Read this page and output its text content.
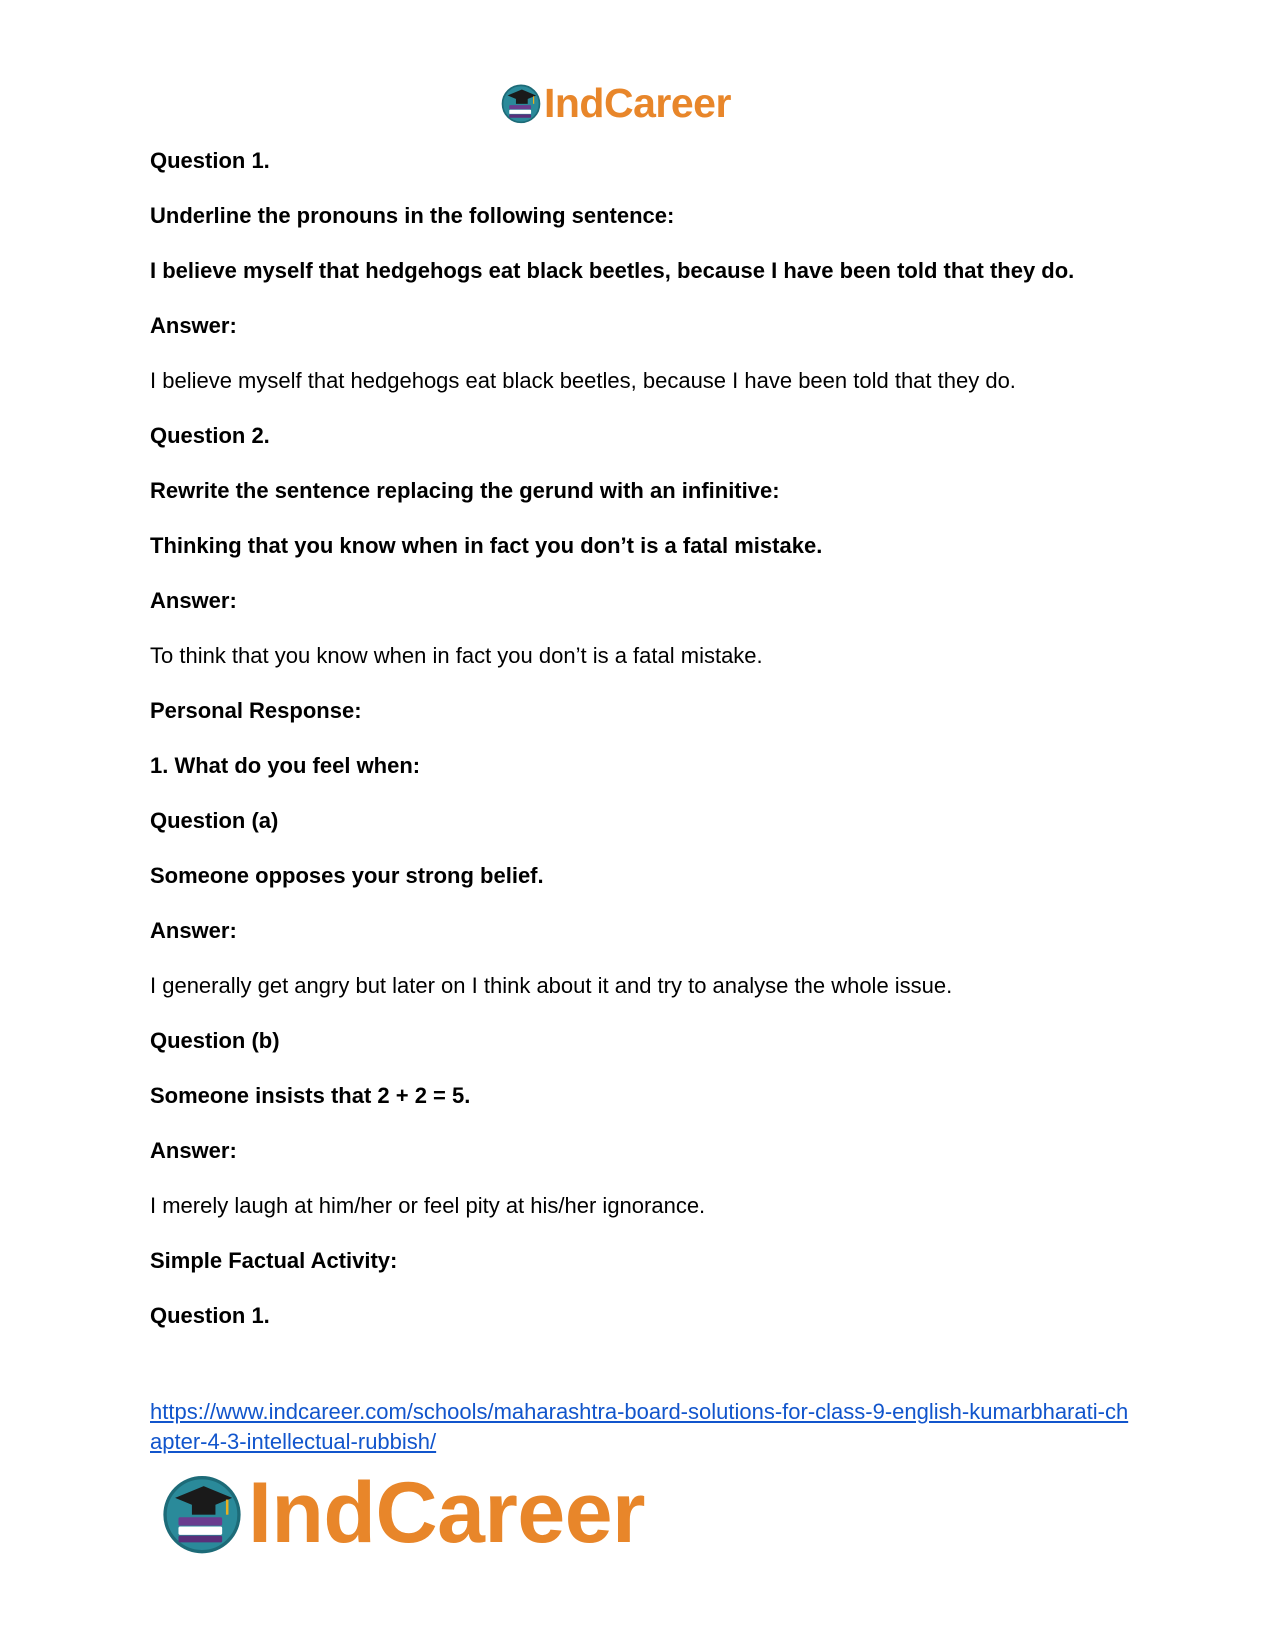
IndCareer
Question 1.
Underline the pronouns in the following sentence:
I believe myself that hedgehogs eat black beetles, because I have been told that they do.
Answer:
I believe myself that hedgehogs eat black beetles, because I have been told that they do.
Question 2.
Rewrite the sentence replacing the gerund with an infinitive:
Thinking that you know when in fact you don’t is a fatal mistake.
Answer:
To think that you know when in fact you don’t is a fatal mistake.
Personal Response:
1. What do you feel when:
Question (a)
Someone opposes your strong belief.
Answer:
I generally get angry but later on I think about it and try to analyse the whole issue.
Question (b)
Someone insists that 2 + 2 = 5.
Answer:
I merely laugh at him/her or feel pity at his/her ignorance.
Simple Factual Activity:
Question 1.
https://www.indcareer.com/schools/maharashtra-board-solutions-for-class-9-english-kumarbharati-chapter-4-3-intellectual-rubbish/
IndCareer
